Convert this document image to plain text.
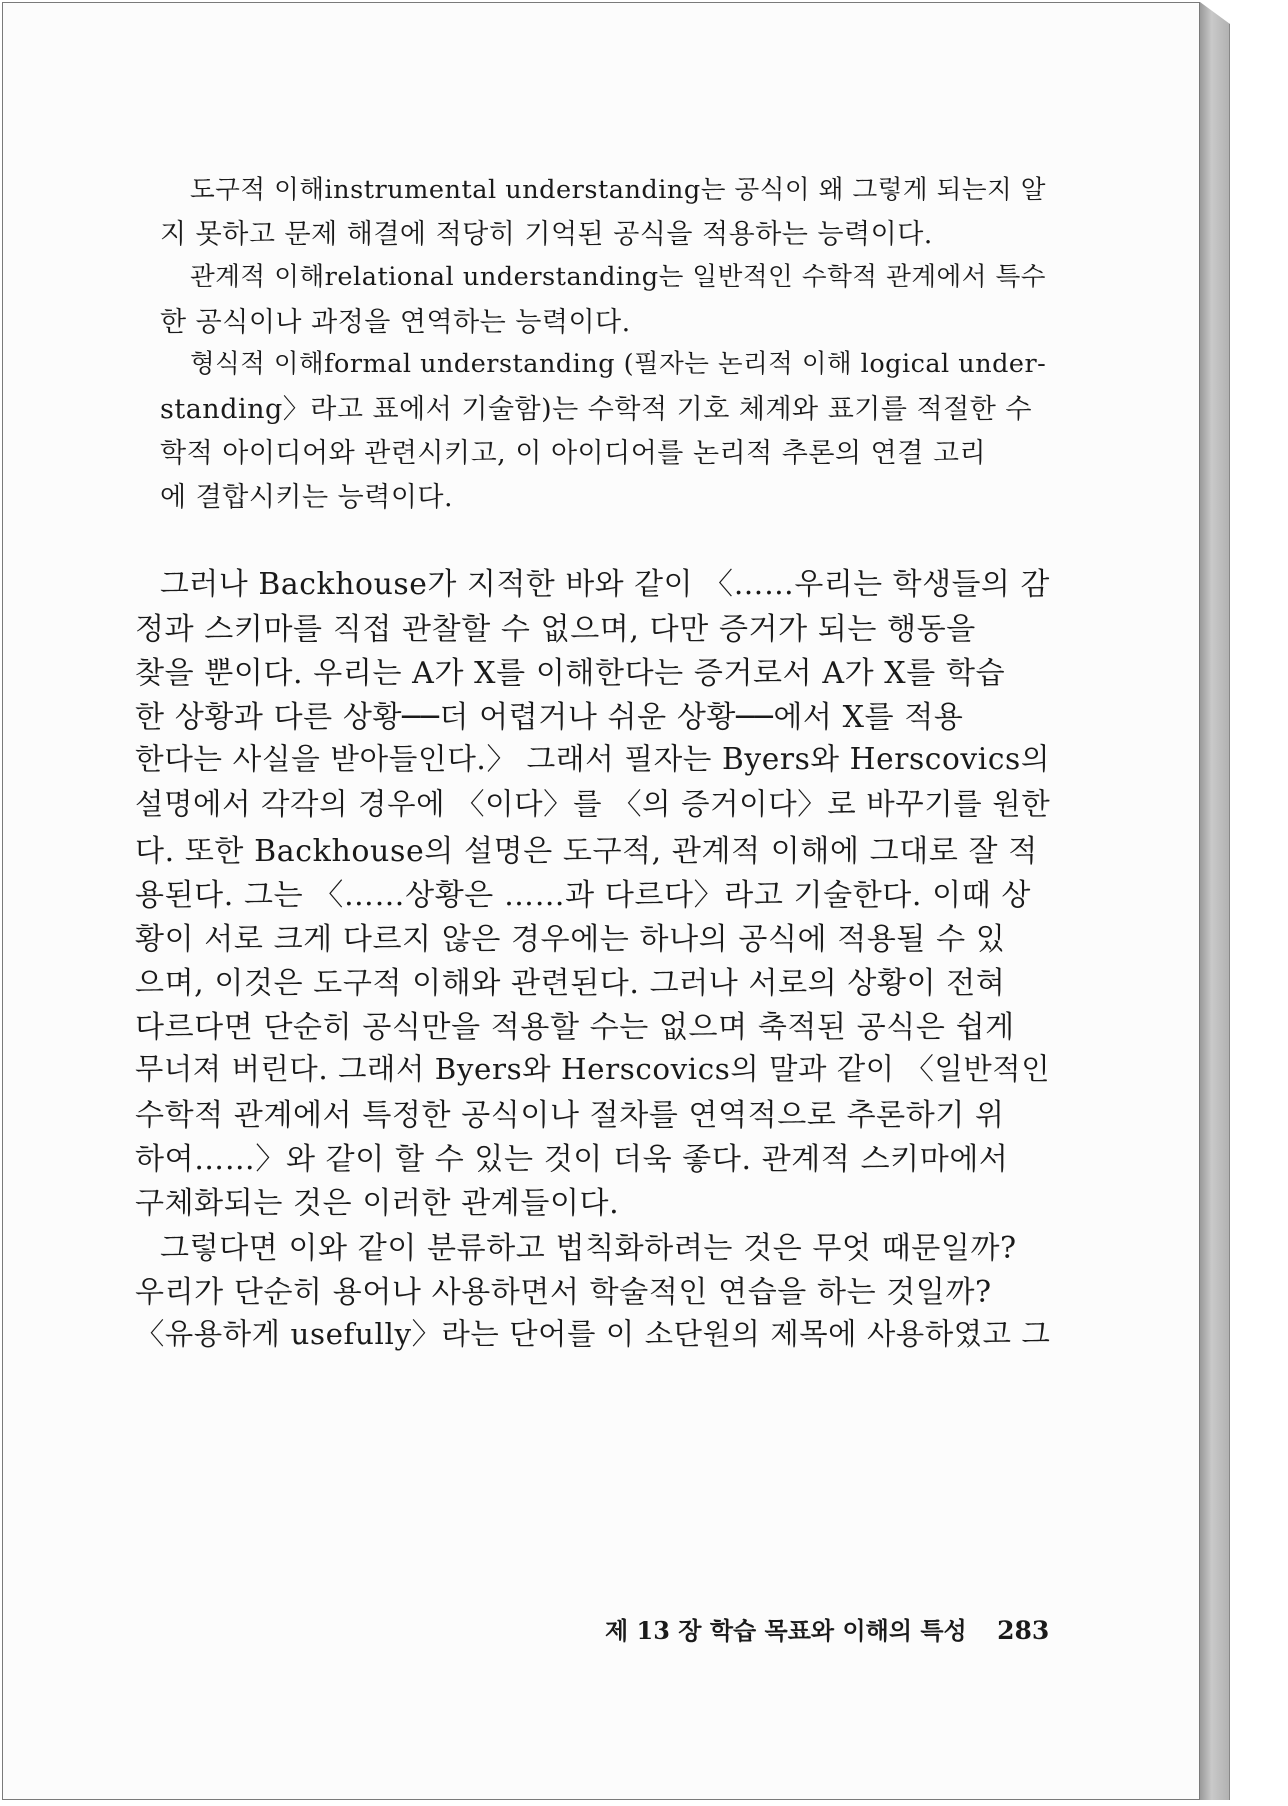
도구적 이해instrumental understanding는 공식이 왜 그렇게 되는지 알
지 못하고 문제 해결에 적당히 기억된 공식을 적용하는 능력이다.
관계적 이해relational understanding는 일반적인 수학적 관계에서 특수
한 공식이나 과정을 연역하는 능력이다.
형식적 이해formal understanding (필자는 논리적 이해 logical under-
standing〉라고 표에서 기술함)는 수학적 기호 체계와 표기를 적절한 수
학적 아이디어와 관련시키고, 이 아이디어를 논리적 추론의 연결 고리
에 결합시키는 능력이다.
그러나 Backhouse가 지적한 바와 같이 〈……우리는 학생들의 감
정과 스키마를 직접 관찰할 수 없으며, 다만 증거가 되는 행동을
찾을 뿐이다. 우리는 A가 X를 이해한다는 증거로서 A가 X를 학습
한 상황과 다른 상황──더 어렵거나 쉬운 상황──에서 X를 적용
한다는 사실을 받아들인다.〉 그래서 필자는 Byers와 Herscovics의
설명에서 각각의 경우에 〈이다〉를 〈의 증거이다〉로 바꾸기를 원한
다. 또한 Backhouse의 설명은 도구적, 관계적 이해에 그대로 잘 적
용된다. 그는 〈……상황은 ……과 다르다〉라고 기술한다. 이때 상
황이 서로 크게 다르지 않은 경우에는 하나의 공식에 적용될 수 있
으며, 이것은 도구적 이해와 관련된다. 그러나 서로의 상황이 전혀
다르다면 단순히 공식만을 적용할 수는 없으며 축적된 공식은 쉽게
무너져 버린다. 그래서 Byers와 Herscovics의 말과 같이 〈일반적인
수학적 관계에서 특정한 공식이나 절차를 연역적으로 추론하기 위
하여……〉와 같이 할 수 있는 것이 더욱 좋다. 관계적 스키마에서
구체화되는 것은 이러한 관계들이다.
그렇다면 이와 같이 분류하고 법칙화하려는 것은 무엇 때문일까?
우리가 단순히 용어나 사용하면서 학술적인 연습을 하는 것일까?
〈유용하게 usefully〉라는 단어를 이 소단원의 제목에 사용하였고 그
제 13 장 학습 목표와 이해의 특성 283
